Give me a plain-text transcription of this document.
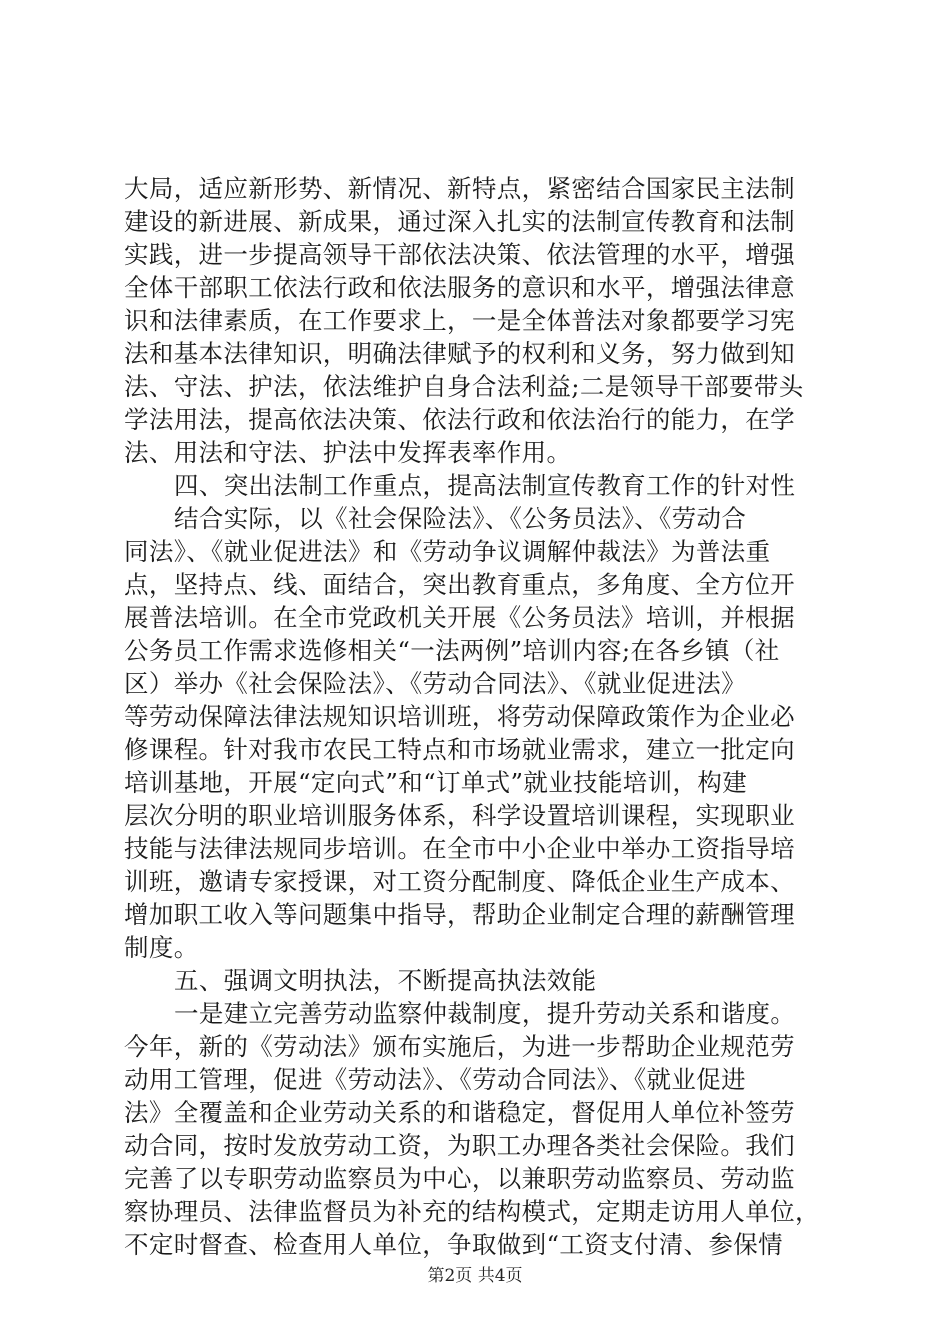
大局，适应新形势、新情况、新特点，紧密结合国家民主法制
建设的新进展、新成果，通过深入扎实的法制宣传教育和法制
实践，进一步提高领导干部依法决策、依法管理的水平，增强
全体干部职工依法行政和依法服务的意识和水平，增强法律意
识和法律素质，在工作要求上，一是全体普法对象都要学习宪
法和基本法律知识，明确法律赋予的权利和义务，努力做到知
法、守法、护法，依法维护自身合法利益;二是领导干部要带头
学法用法，提高依法决策、依法行政和依法治行的能力，在学
法、用法和守法、护法中发挥表率作用。
四、突出法制工作重点，提高法制宣传教育工作的针对性
结合实际，以《社会保险法》、《公务员法》、《劳动合
同法》、《就业促进法》和《劳动争议调解仲裁法》为普法重
点，坚持点、线、面结合，突出教育重点，多角度、全方位开
展普法培训。在全市党政机关开展《公务员法》培训，并根据
公务员工作需求选修相关“一法两例”培训内容;在各乡镇（社
区）举办《社会保险法》、《劳动合同法》、《就业促进法》
等劳动保障法律法规知识培训班，将劳动保障政策作为企业必
修课程。针对我市农民工特点和市场就业需求，建立一批定向
培训基地，开展“定向式”和“订单式”就业技能培训，构建
层次分明的职业培训服务体系，科学设置培训课程，实现职业
技能与法律法规同步培训。在全市中小企业中举办工资指导培
训班，邀请专家授课，对工资分配制度、降低企业生产成本、
增加职工收入等问题集中指导，帮助企业制定合理的薪酬管理
制度。
五、强调文明执法，不断提高执法效能
一是建立完善劳动监察仲裁制度，提升劳动关系和谐度。
今年，新的《劳动法》颁布实施后，为进一步帮助企业规范劳
动用工管理，促进《劳动法》、《劳动合同法》、《就业促进
法》全覆盖和企业劳动关系的和谐稳定，督促用人单位补签劳
动合同，按时发放劳动工资，为职工办理各类社会保险。我们
完善了以专职劳动监察员为中心，以兼职劳动监察员、劳动监
察协理员、法律监督员为补充的结构模式，定期走访用人单位，
不定时督查、检查用人单位，争取做到“工资支付清、参保情
第2页 共4页
